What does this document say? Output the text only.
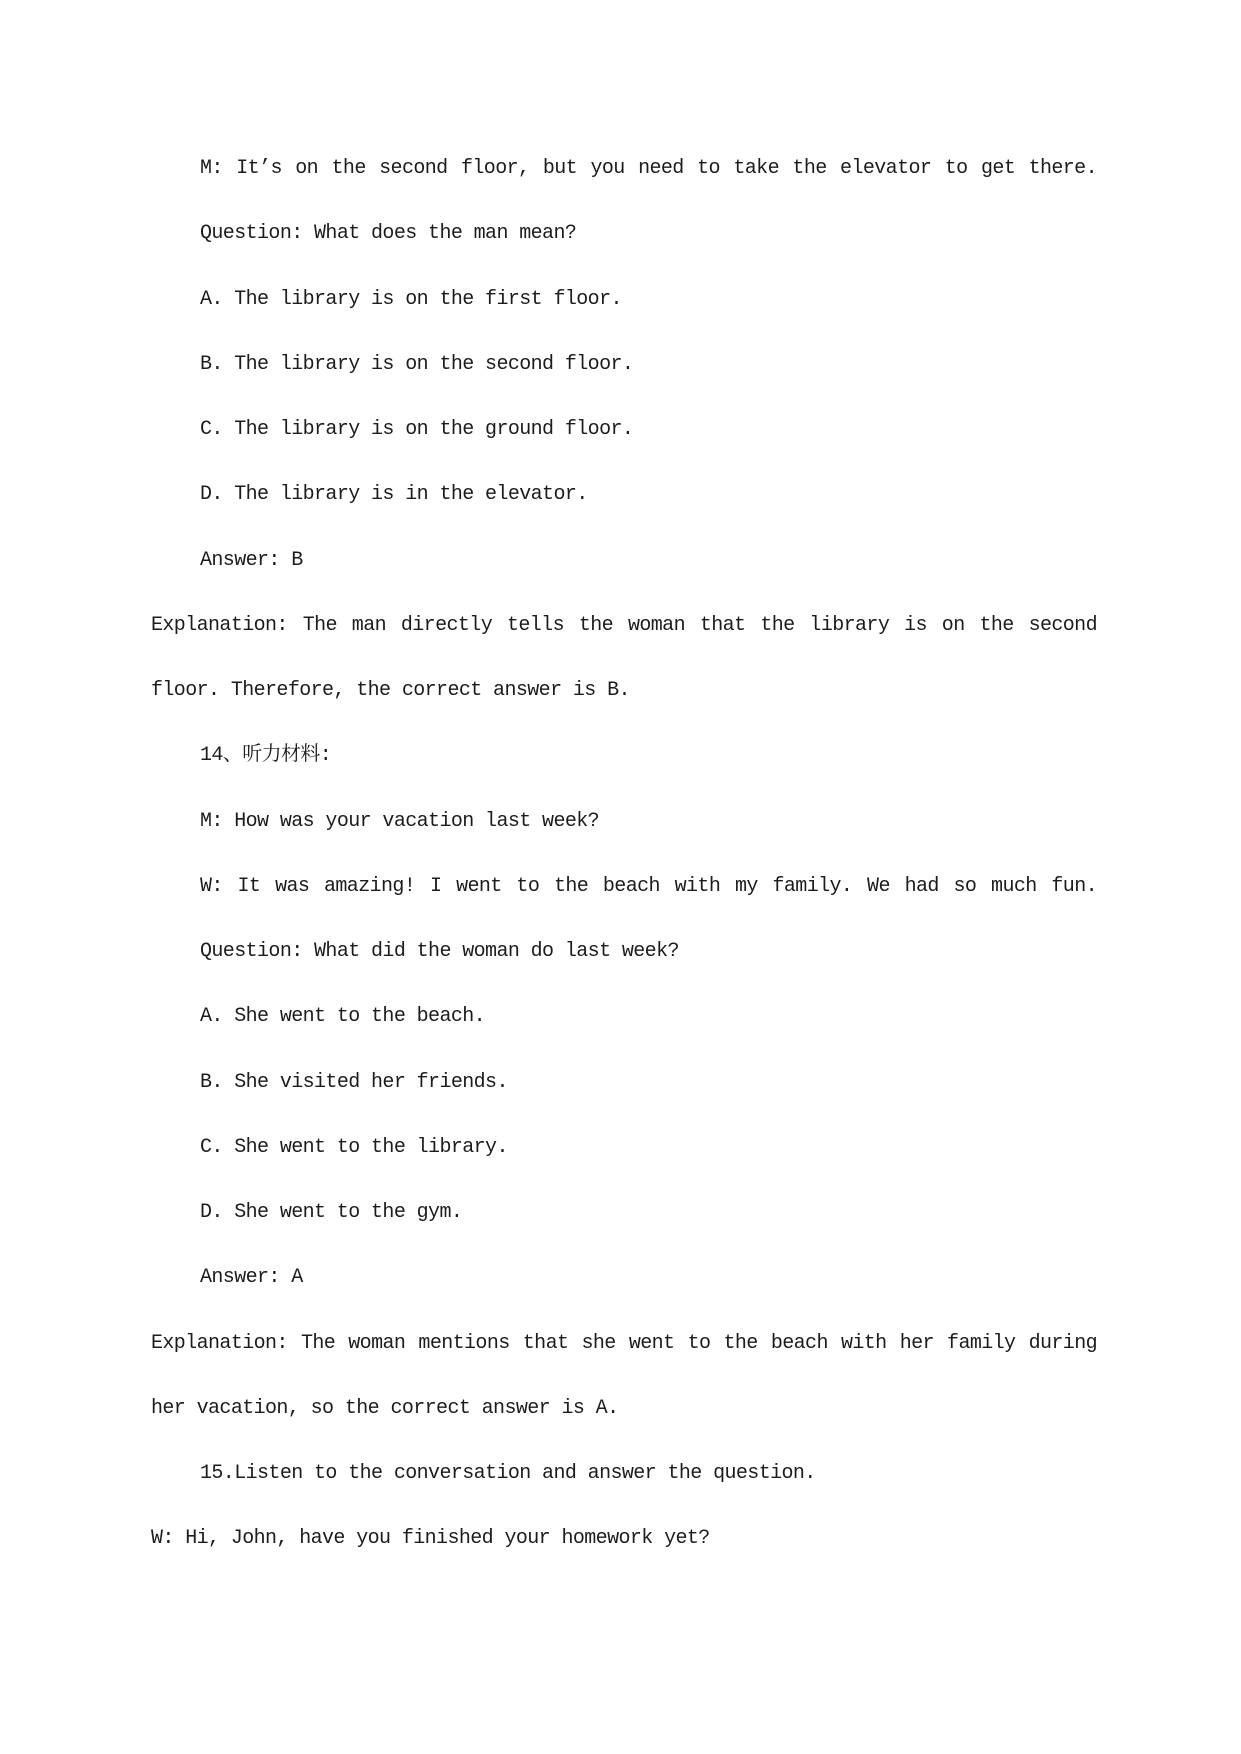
M: It’s on the second floor, but you need to take the elevator to get there.
Question: What does the man mean?
A. The library is on the first floor.
B. The library is on the second floor.
C. The library is on the ground floor.
D. The library is in the elevator.
Answer: B
Explanation: The man directly tells the woman that the library is on the second
floor. Therefore, the correct answer is B.
14、听力材料:
M: How was your vacation last week?
W: It was amazing! I went to the beach with my family. We had so much fun.
Question: What did the woman do last week?
A. She went to the beach.
B. She visited her friends.
C. She went to the library.
D. She went to the gym.
Answer: A
Explanation: The woman mentions that she went to the beach with her family during
her vacation, so the correct answer is A.
15.Listen to the conversation and answer the question.
W: Hi, John, have you finished your homework yet?
